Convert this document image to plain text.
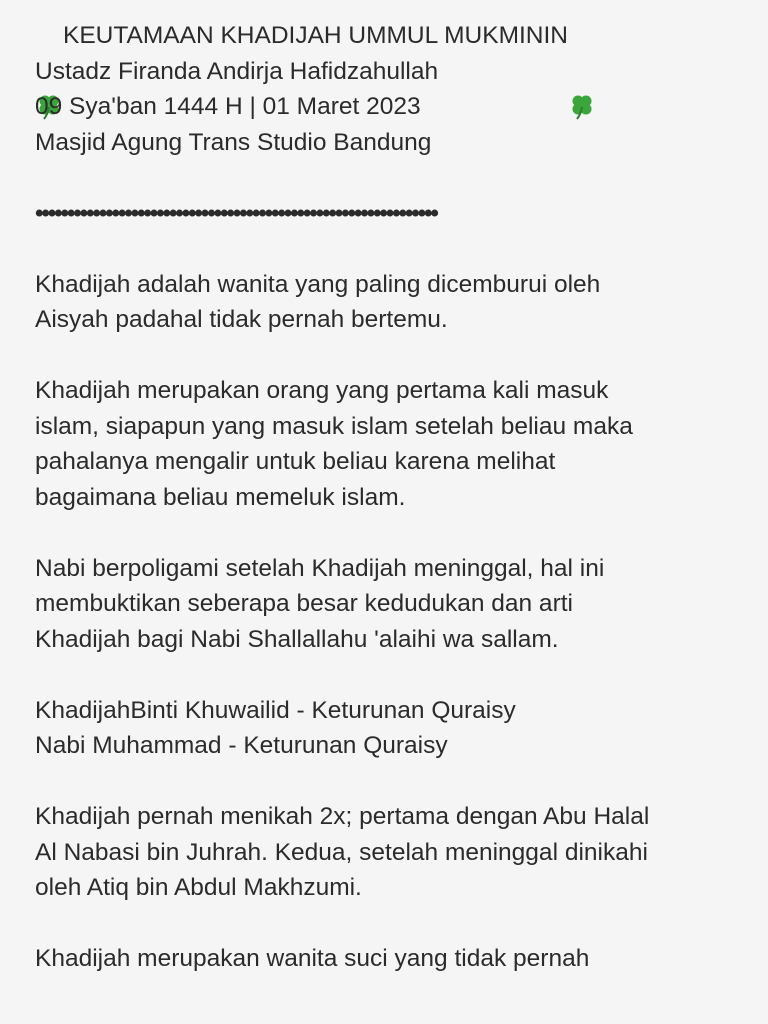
KEUTAMAAN KHADIJAH UMMUL MUKMININ

Ustadz Firanda Andirja Hafidzahullah
09 Sya'ban 1444 H | 01 Maret 2023
Masjid Agung Trans Studio Bandung
•••••••••••••••••••••••••••••••••••••••••••••••••••••••••••••••
Khadijah adalah wanita yang paling dicemburui oleh
Aisyah padahal tidak pernah bertemu.
Khadijah merupakan orang yang pertama kali masuk
islam, siapapun yang masuk islam setelah beliau maka
pahalanya mengalir untuk beliau karena melihat
bagaimana beliau memeluk islam.
Nabi berpoligami setelah Khadijah meninggal, hal ini
membuktikan seberapa besar kedudukan dan arti
Khadijah bagi Nabi Shallallahu 'alaihi wa sallam.
KhadijahBinti Khuwailid - Keturunan Quraisy
Nabi Muhammad - Keturunan Quraisy
Khadijah pernah menikah 2x; pertama dengan Abu Halal
Al Nabasi bin Juhrah. Kedua, setelah meninggal dinikahi
oleh Atiq bin Abdul Makhzumi.
Khadijah merupakan wanita suci yang tidak pernah
